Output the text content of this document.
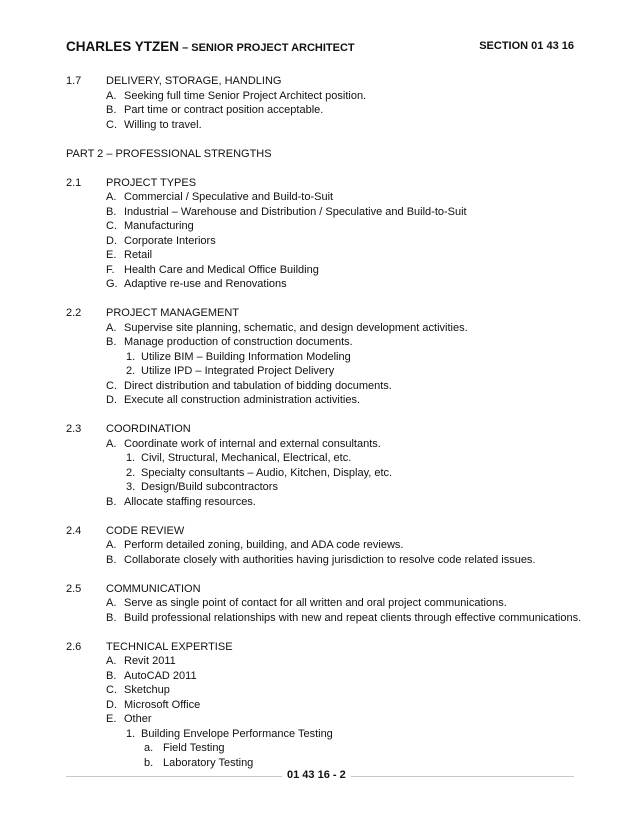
CHARLES YTZEN – SENIOR PROJECT ARCHITECT	SECTION 01 43 16
1.7 DELIVERY, STORAGE, HANDLING
A. Seeking full time Senior Project Architect position.
B. Part time or contract position acceptable.
C. Willing to travel.
PART 2 – PROFESSIONAL STRENGTHS
2.1 PROJECT TYPES
A. Commercial / Speculative and Build-to-Suit
B. Industrial – Warehouse and Distribution / Speculative and Build-to-Suit
C. Manufacturing
D. Corporate Interiors
E. Retail
F. Health Care and Medical Office Building
G. Adaptive re-use and Renovations
2.2 PROJECT MANAGEMENT
A. Supervise site planning, schematic, and design development activities.
B. Manage production of construction documents.
1. Utilize BIM – Building Information Modeling
2. Utilize IPD – Integrated Project Delivery
C. Direct distribution and tabulation of bidding documents.
D. Execute all construction administration activities.
2.3 COORDINATION
A. Coordinate work of internal and external consultants.
1. Civil, Structural, Mechanical, Electrical, etc.
2. Specialty consultants – Audio, Kitchen, Display, etc.
3. Design/Build subcontractors
B. Allocate staffing resources.
2.4 CODE REVIEW
A. Perform detailed zoning, building, and ADA code reviews.
B. Collaborate closely with authorities having jurisdiction to resolve code related issues.
2.5 COMMUNICATION
A. Serve as single point of contact for all written and oral project communications.
B. Build professional relationships with new and repeat clients through effective communications.
2.6 TECHNICAL EXPERTISE
A. Revit 2011
B. AutoCAD 2011
C. Sketchup
D. Microsoft Office
E. Other
1. Building Envelope Performance Testing
a. Field Testing
b. Laboratory Testing
01 43 16 - 2
